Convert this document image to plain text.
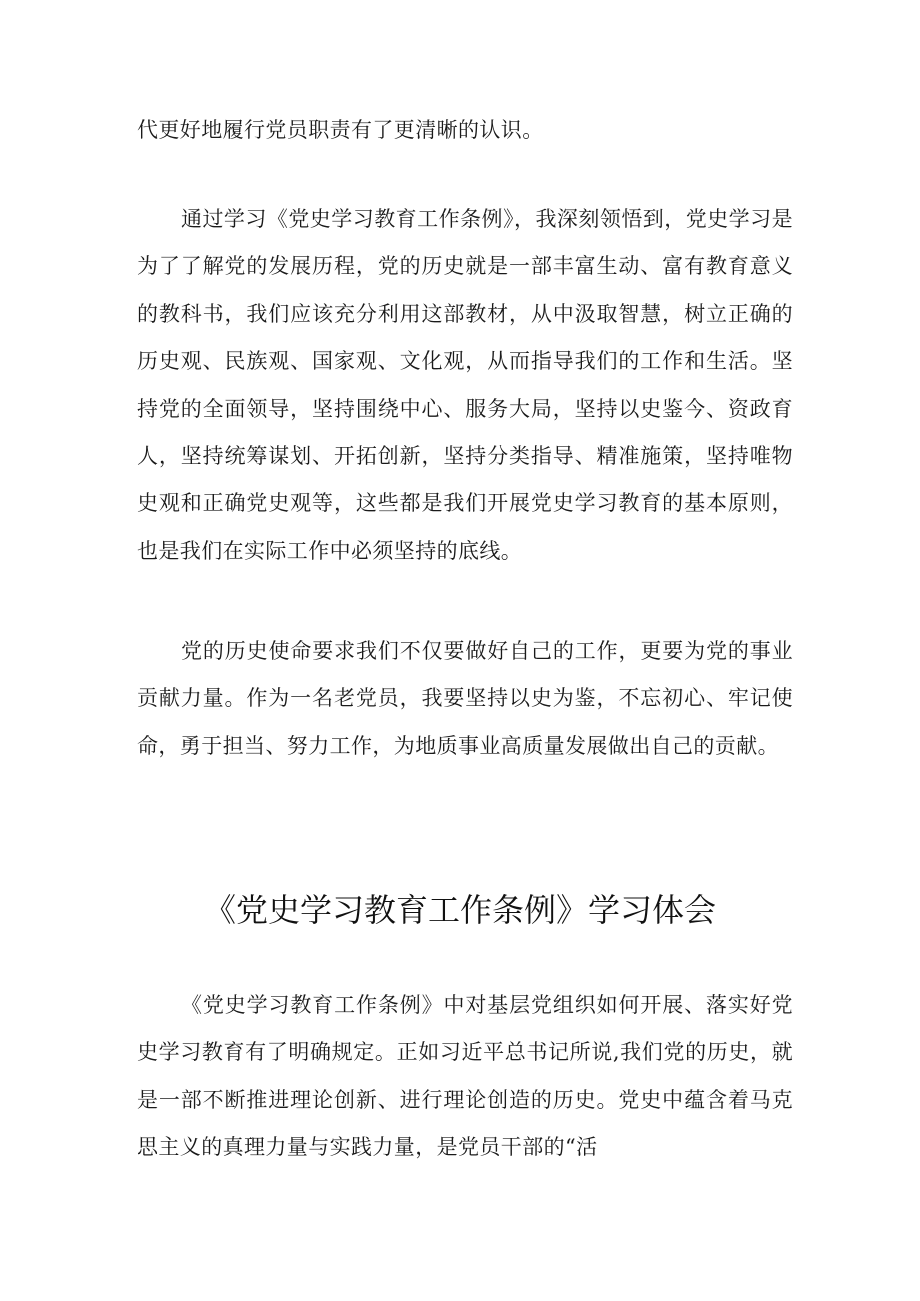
代更好地履行党员职责有了更清晰的认识。

通过学习《党史学习教育工作条例》，我深刻领悟到，党史学习是为了了解党的发展历程，党的历史就是一部丰富生动、富有教育意义的教科书，我们应该充分利用这部教材，从中汲取智慧，树立正确的历史观、民族观、国家观、文化观，从而指导我们的工作和生活。坚持党的全面领导，坚持围绕中心、服务大局，坚持以史鉴今、资政育人，坚持统筹谋划、开拓创新，坚持分类指导、精准施策，坚持唯物史观和正确党史观等，这些都是我们开展党史学习教育的基本原则，也是我们在实际工作中必须坚持的底线。

党的历史使命要求我们不仅要做好自己的工作，更要为党的事业贡献力量。作为一名老党员，我要坚持以史为鉴，不忘初心、牢记使命，勇于担当、努力工作，为地质事业高质量发展做出自己的贡献。

《党史学习教育工作条例》学习体会

《党史学习教育工作条例》中对基层党组织如何开展、落实好党史学习教育有了明确规定。正如习近平总书记所说,我们党的历史，就是一部不断推进理论创新、进行理论创造的历史。党史中蕴含着马克思主义的真理力量与实践力量，是党员干部的“活
